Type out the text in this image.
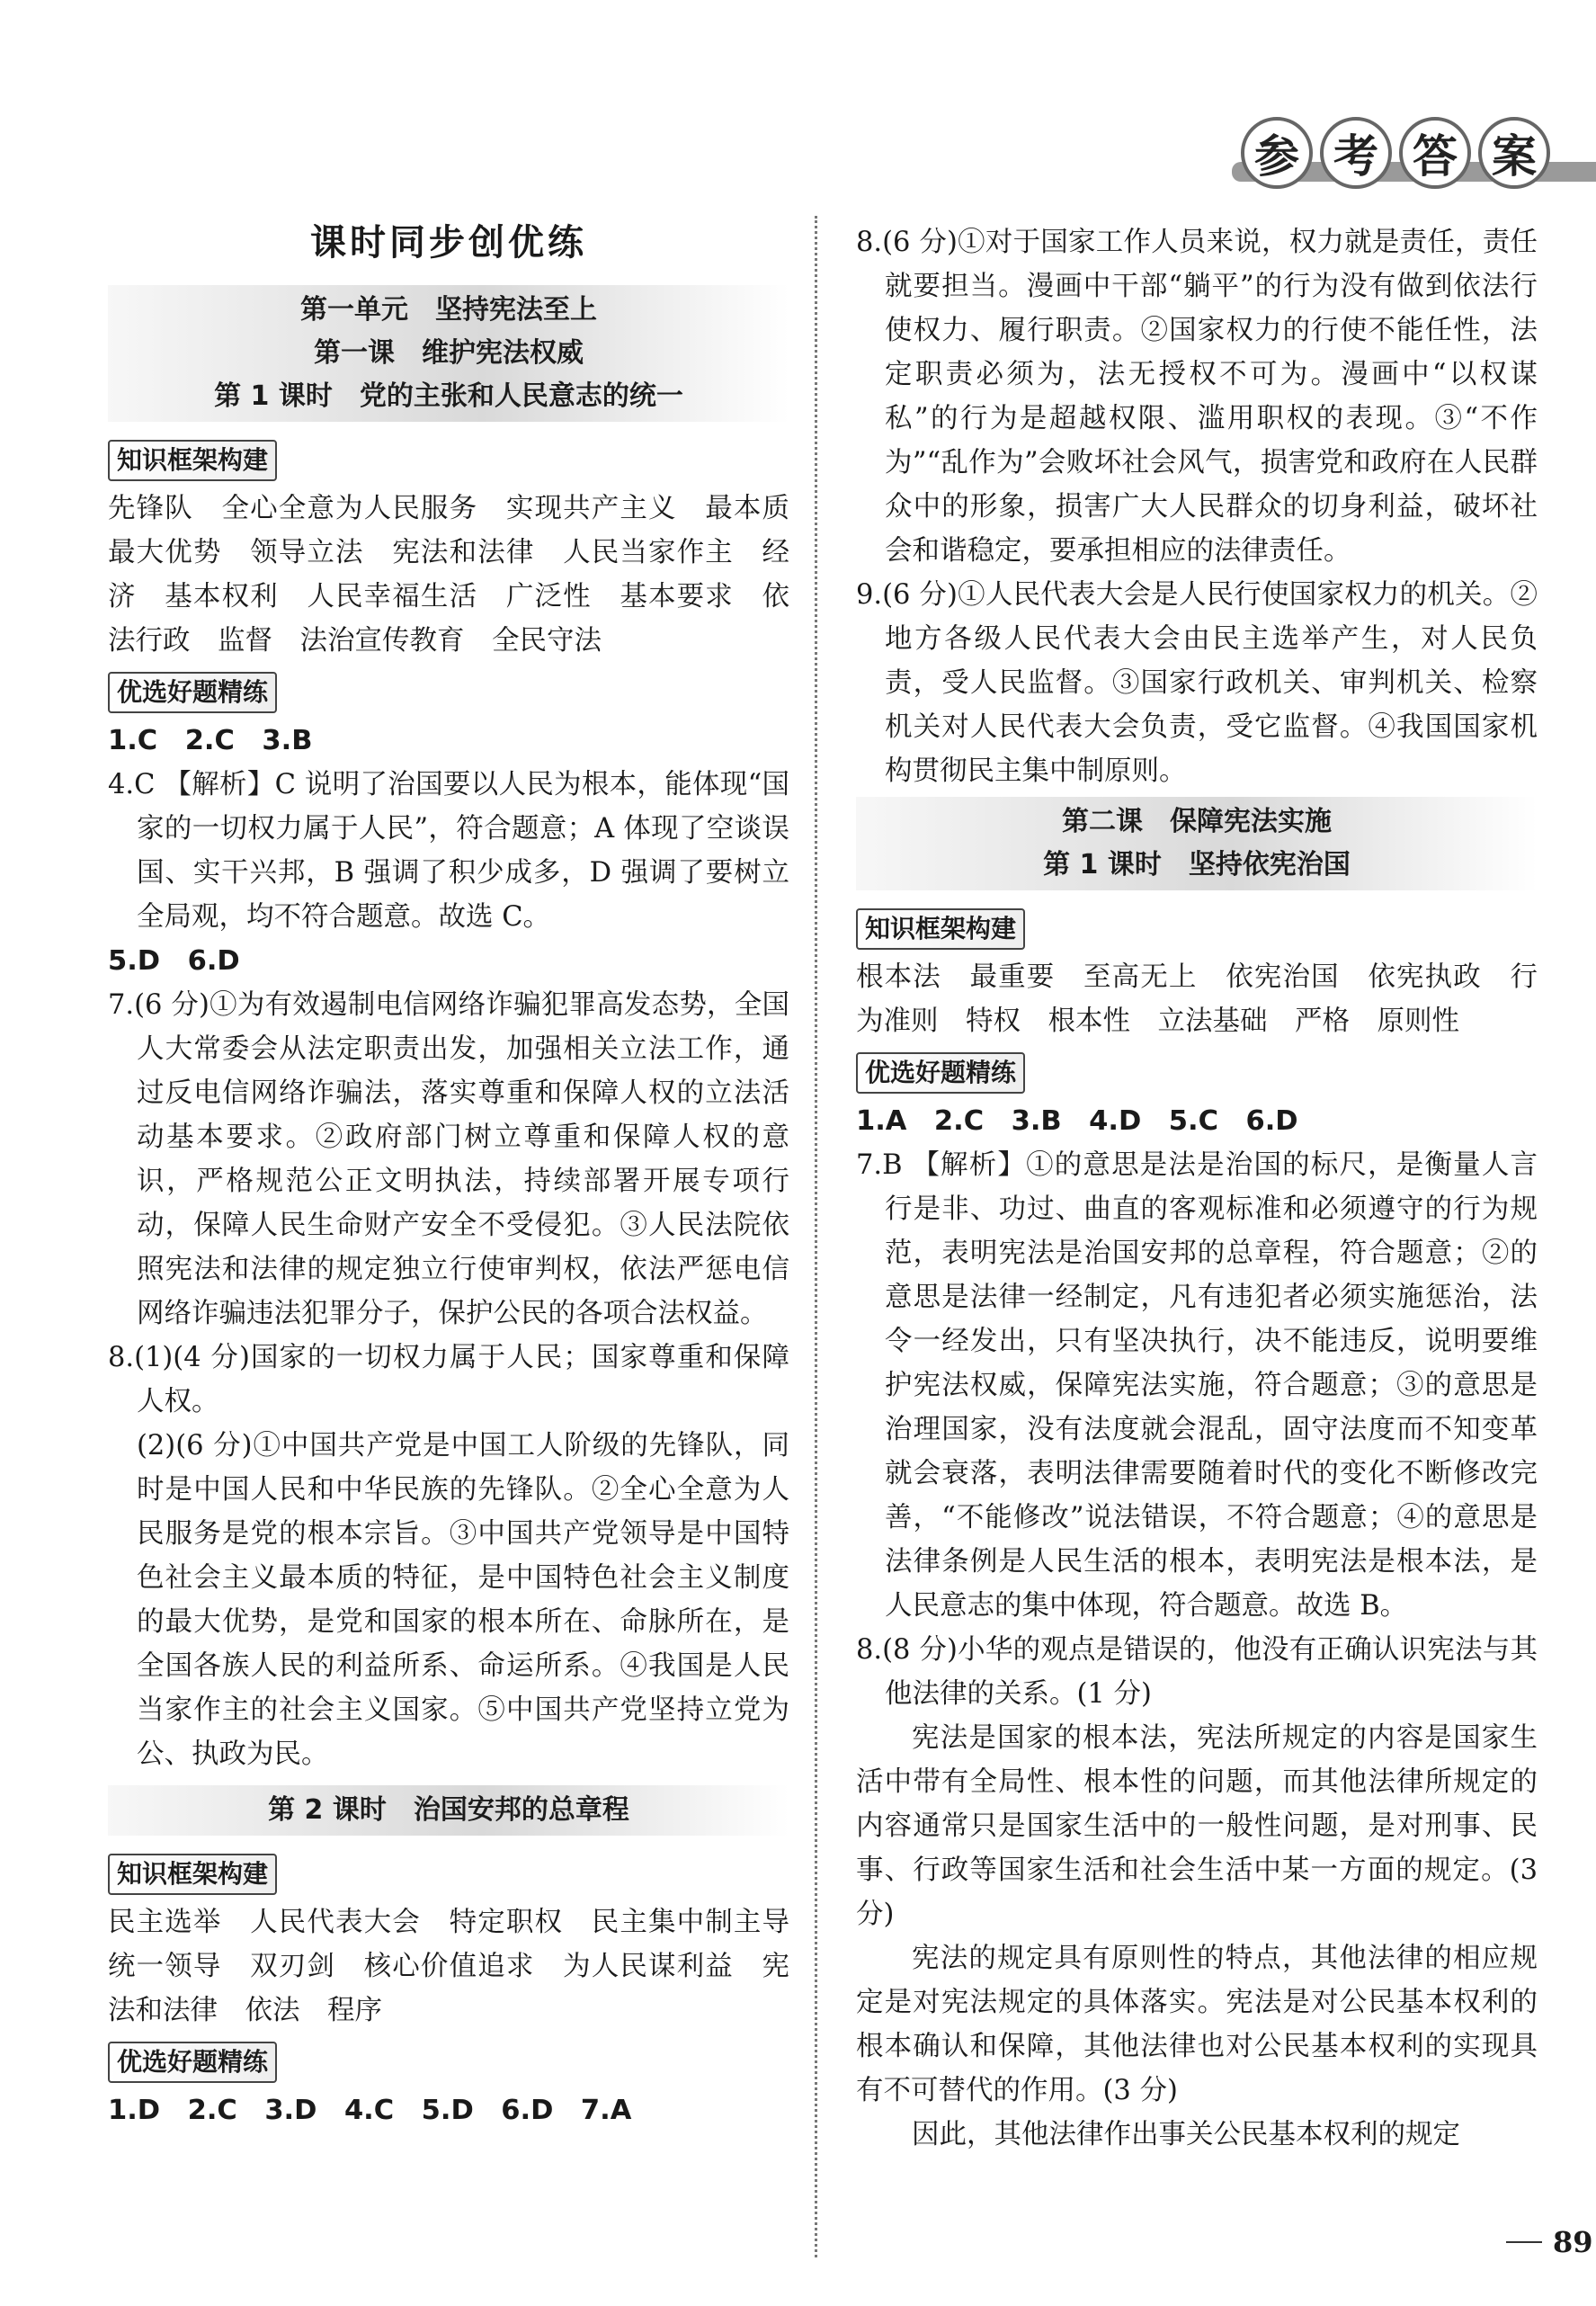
参 考 答 案
课时同步创优练
第一单元　坚持宪法至上
第一课　维护宪法权威
第 1 课时　党的主张和人民意志的统一
知识框架构建

先锋队　全心全意为人民服务　实现共产主义　最本质　最大优势　领导立法　宪法和法律　人民当家作主　经济　基本权利　人民幸福生活　广泛性　基本要求　依法行政　监督　法治宣传教育　全民守法

优选好题精练

1.C　2.C　3.B

4.C 【解析】C 说明了治国要以人民为根本，能体现“国家的一切权力属于人民”，符合题意；A 体现了空谈误国、实干兴邦，B 强调了积少成多，D 强调了要树立全局观，均不符合题意。故选 C。

5.D　6.D

7.(6 分)①为有效遏制电信网络诈骗犯罪高发态势，全国人大常委会从法定职责出发，加强相关立法工作，通过反电信网络诈骗法，落实尊重和保障人权的立法活动基本要求。②政府部门树立尊重和保障人权的意识，严格规范公正文明执法，持续部署开展专项行动，保障人民生命财产安全不受侵犯。③人民法院依照宪法和法律的规定独立行使审判权，依法严惩电信网络诈骗违法犯罪分子，保护公民的各项合法权益。

8.(1)(4 分)国家的一切权力属于人民；国家尊重和保障人权。

(2)(6 分)①中国共产党是中国工人阶级的先锋队，同时是中国人民和中华民族的先锋队。②全心全意为人民服务是党的根本宗旨。③中国共产党领导是中国特色社会主义最本质的特征，是中国特色社会主义制度的最大优势，是党和国家的根本所在、命脉所在，是全国各族人民的利益所系、命运所系。④我国是人民当家作主的社会主义国家。⑤中国共产党坚持立党为公、执政为民。

第 2 课时　治国安邦的总章程
知识框架构建

民主选举　人民代表大会　特定职权　民主集中制主导　统一领导　双刃剑　核心价值追求　为人民谋利益　宪法和法律　依法　程序

优选好题精练

1.D　2.C　3.D　4.C　5.D　6.D　7.A

8.(6 分)①对于国家工作人员来说，权力就是责任，责任就要担当。漫画中干部“躺平”的行为没有做到依法行使权力、履行职责。②国家权力的行使不能任性，法定职责必须为，法无授权不可为。漫画中“以权谋私”的行为是超越权限、滥用职权的表现。③“不作为”“乱作为”会败坏社会风气，损害党和政府在人民群众中的形象，损害广大人民群众的切身利益，破坏社会和谐稳定，要承担相应的法律责任。

9.(6 分)①人民代表大会是人民行使国家权力的机关。②地方各级人民代表大会由民主选举产生，对人民负责，受人民监督。③国家行政机关、审判机关、检察机关对人民代表大会负责，受它监督。④我国国家机构贯彻民主集中制原则。

第二课　保障宪法实施
第 1 课时　坚持依宪治国
知识框架构建

根本法　最重要　至高无上　依宪治国　依宪执政　行为准则　特权　根本性　立法基础　严格　原则性

优选好题精练

1.A　2.C　3.B　4.D　5.C　6.D

7.B 【解析】①的意思是法是治国的标尺，是衡量人言行是非、功过、曲直的客观标准和必须遵守的行为规范，表明宪法是治国安邦的总章程，符合题意；②的意思是法律一经制定，凡有违犯者必须实施惩治，法令一经发出，只有坚决执行，决不能违反，说明要维护宪法权威，保障宪法实施，符合题意；③的意思是治理国家，没有法度就会混乱，固守法度而不知变革就会衰落，表明法律需要随着时代的变化不断修改完善，“不能修改”说法错误，不符合题意；④的意思是法律条例是人民生活的根本，表明宪法是根本法，是人民意志的集中体现，符合题意。故选 B。

8.(8 分)小华的观点是错误的，他没有正确认识宪法与其他法律的关系。(1 分)

宪法是国家的根本法，宪法所规定的内容是国家生活中带有全局性、根本性的问题，而其他法律所规定的内容通常只是国家生活中的一般性问题，是对刑事、民事、行政等国家生活和社会生活中某一方面的规定。(3 分)

宪法的规定具有原则性的特点，其他法律的相应规定是对宪法规定的具体落实。宪法是对公民基本权利的根本确认和保障，其他法律也对公民基本权利的实现具有不可替代的作用。(3 分)

因此，其他法律作出事关公民基本权利的规定

89
